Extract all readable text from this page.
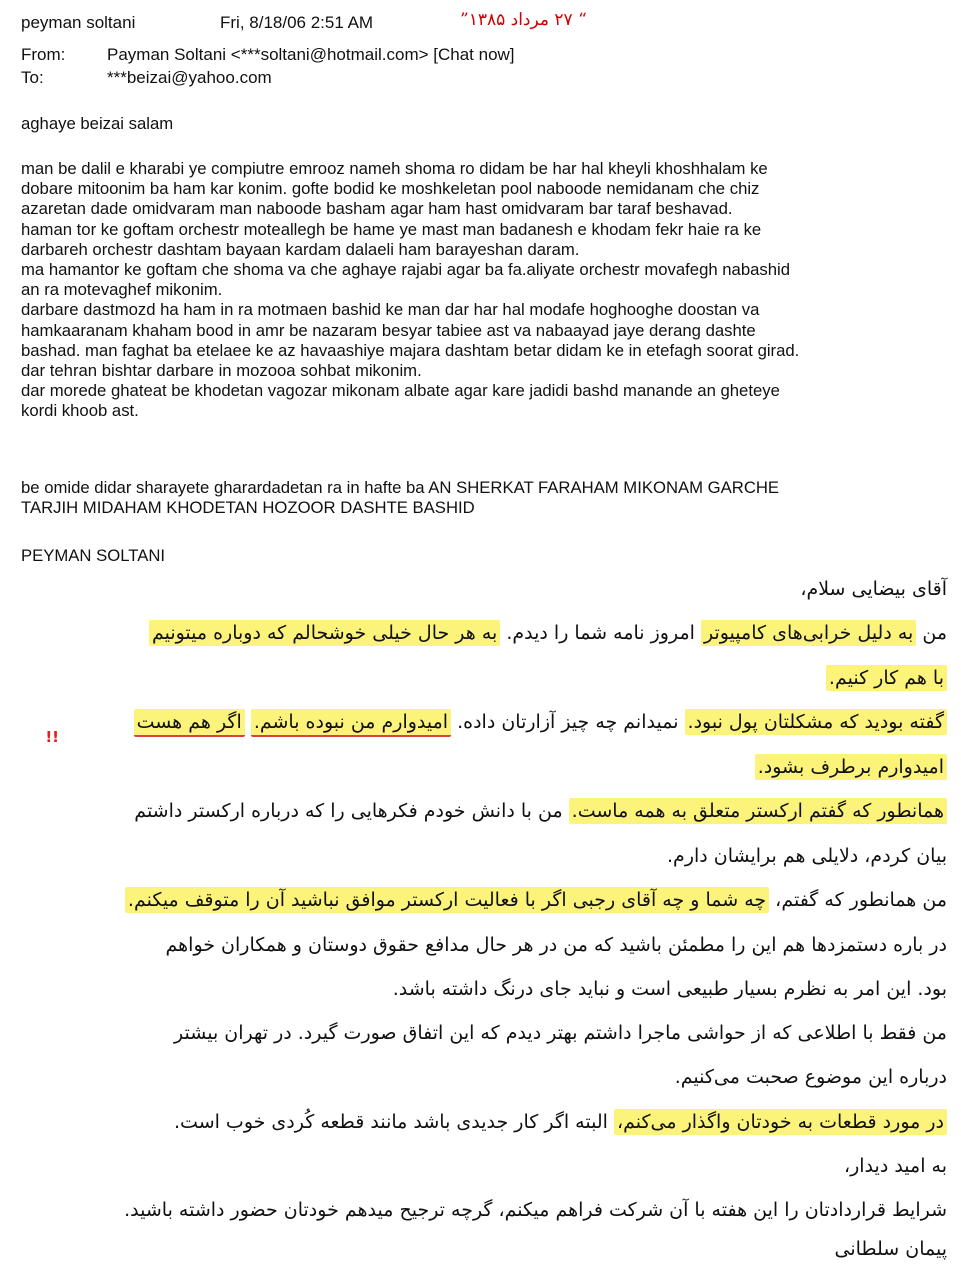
peyman soltani	Fri, 8/18/06 2:51 AM	“ ۲۷ مرداد ۱۳۸۵”
From: Payman Soltani <***soltani@hotmail.com> [Chat now]
To:	***beizai@yahoo.com

aghaye beizai salam

man be dalil e kharabi ye compiutre emrooz nameh shoma ro didam be har hal kheyli khoshhalam ke

dobare mitoonim ba ham kar konim. gofte bodid ke moshkeletan pool naboode nemidanam che chiz

azaretan dade omidvaram man naboode basham agar ham hast omidvaram bar taraf beshavad.

haman tor ke goftam orchestr moteallegh be hame ye mast man badanesh e khodam fekr haie ra ke

darbareh orchestr dashtam bayaan kardam dalaeli ham barayeshan daram.

ma hamantor ke goftam che shoma va che aghaye rajabi agar ba fa.aliyate orchestr movafegh nabashid

an ra motevaghef mikonim.

darbare dastmozd ha ham in ra motmaen bashid ke man dar har hal modafe hoghooghe doostan va

hamkaaranam khaham bood in amr be nazaram besyar tabiee ast va nabaayad jaye derang dashte

bashad. man faghat ba etelaee ke az havaashiye majara dashtam betar didam ke in etefagh soorat girad.

dar tehran bishtar darbare in mozooa sohbat mikonim.

dar morede ghateat be khodetan vagozar mikonam albate agar kare jadidi bashd manande an gheteye

kordi khoob ast.

be omide didar sharayete gharardadetan ra in hafte ba AN SHERKAT FARAHAM MIKONAM GARCHE

TARJIH MIDAHAM KHODETAN HOZOOR DASHTE BASHID

PEYMAN SOLTANI

آقای بیضایی سلام،
من به دلیل خرابی‌های کامپیوتر امروز نامه شما را دیدم. به هر حال خیلی خوشحالم که دوباره میتونیم
با هم کار کنیم.
گفته بودید که مشکلتان پول نبود. نمیدانم چه چیز آزارتان داده. امیدوارم من نبوده باشم. اگر هم هست
!!
امیدوارم برطرف بشود.
همانطور که گفتم ارکستر متعلق به همه ماست. من با دانش خودم فکرهایی را که درباره ارکستر داشتم
بیان کردم، دلایلی هم برایشان دارم.
من همانطور که گفتم، چه شما و چه آقای رجبی اگر با فعالیت ارکستر موافق نباشید آن را متوقف میکنم.
در باره دستمزدها هم این را مطمئن باشید که من در هر حال مدافع حقوق دوستان و همکاران خواهم
بود. این امر به نظرم بسیار طبیعی است و نباید جای درنگ داشته باشد.
من فقط با اطلاعی که از حواشی ماجرا داشتم بهتر دیدم که این اتفاق صورت گیرد. در تهران بیشتر
درباره این موضوع صحبت می‌کنیم.
در مورد قطعات به خودتان واگذار می‌کنم، البته اگر کار جدیدی باشد مانند قطعه کُردی خوب است.
به امید دیدار،
شرایط قراردادتان را این هفته با آن شرکت فراهم میکنم، گرچه ترجیح میدهم خودتان حضور داشته باشید.
پیمان سلطانی
